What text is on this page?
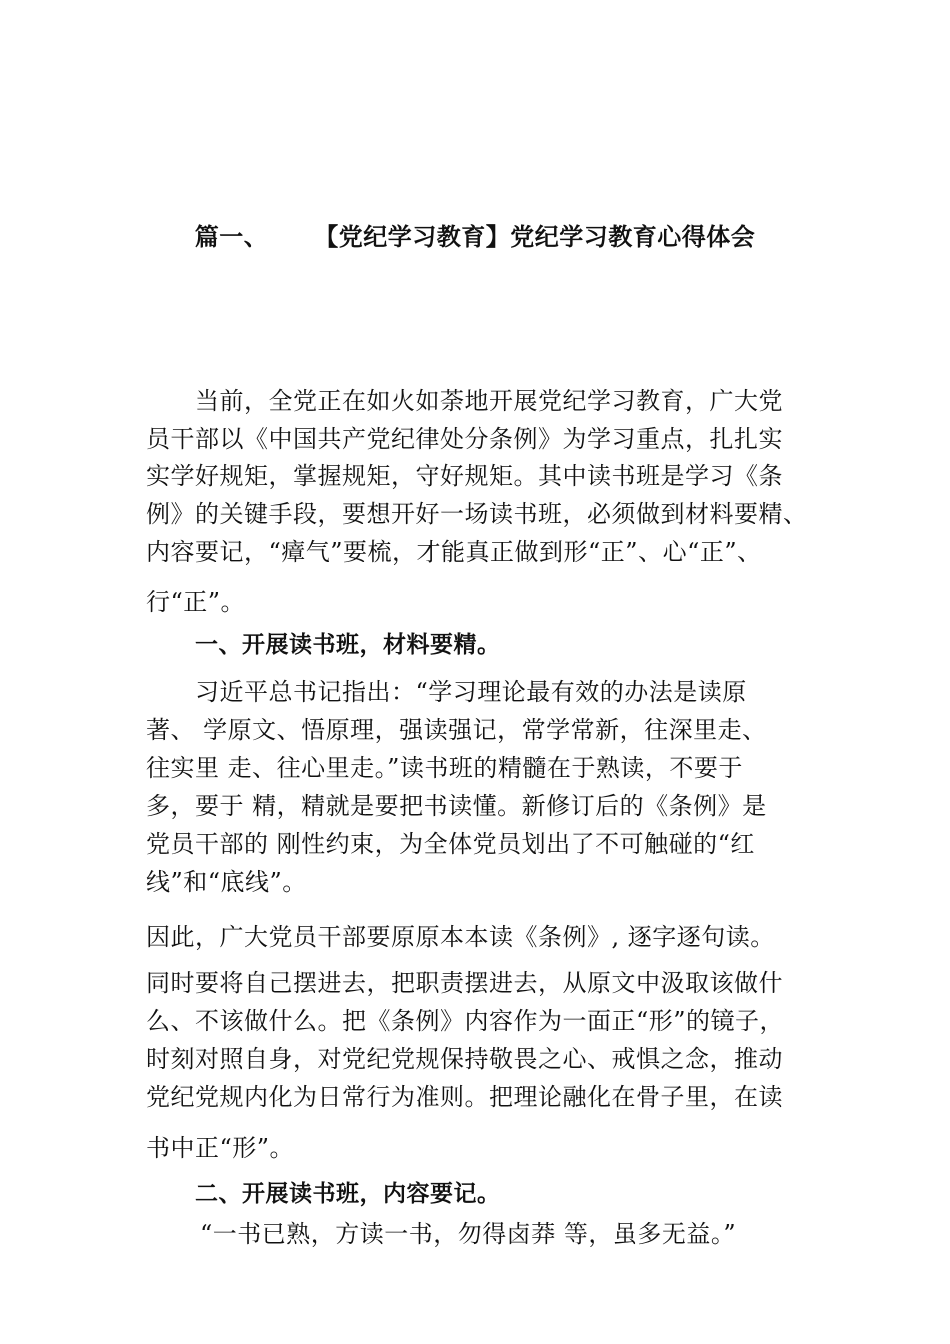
篇一、 【党纪学习教育】党纪学习教育心得体会
当前，全党正在如火如荼地开展党纪学习教育，广大党
员干部以《中国共产党纪律处分条例》为学习重点，扎扎实
实学好规矩，掌握规矩，守好规矩。其中读书班是学习《条
例》的关键手段，要想开好一场读书班，必须做到材料要精、
内容要记，“瘴气”要梳，才能真正做到形“正”、心“正”、
行“正”。
一、开展读书班，材料要精。
习近平总书记指出：“学习理论最有效的办法是读原
著、 学原文、悟原理，强读强记，常学常新，往深里走、
往实里 走、往心里走。”读书班的精髓在于熟读，不要于
多，要于 精，精就是要把书读懂。新修订后的《条例》是
党员干部的 刚性约束，为全体党员划出了不可触碰的“红
线”和“底线”。
因此，广大党员干部要原原本本读《条例》, 逐字逐句读。
同时要将自己摆进去，把职责摆进去，从原文中汲取该做什
么、不该做什么。把《条例》内容作为一面正“形”的镜子，
时刻对照自身，对党纪党规保持敬畏之心、戒惧之念，推动
党纪党规内化为日常行为准则。把理论融化在骨子里，在读
书中正“形”。
二、开展读书班，内容要记。
“一书已熟，方读一书，勿得卤莽 等，虽多无益。”
